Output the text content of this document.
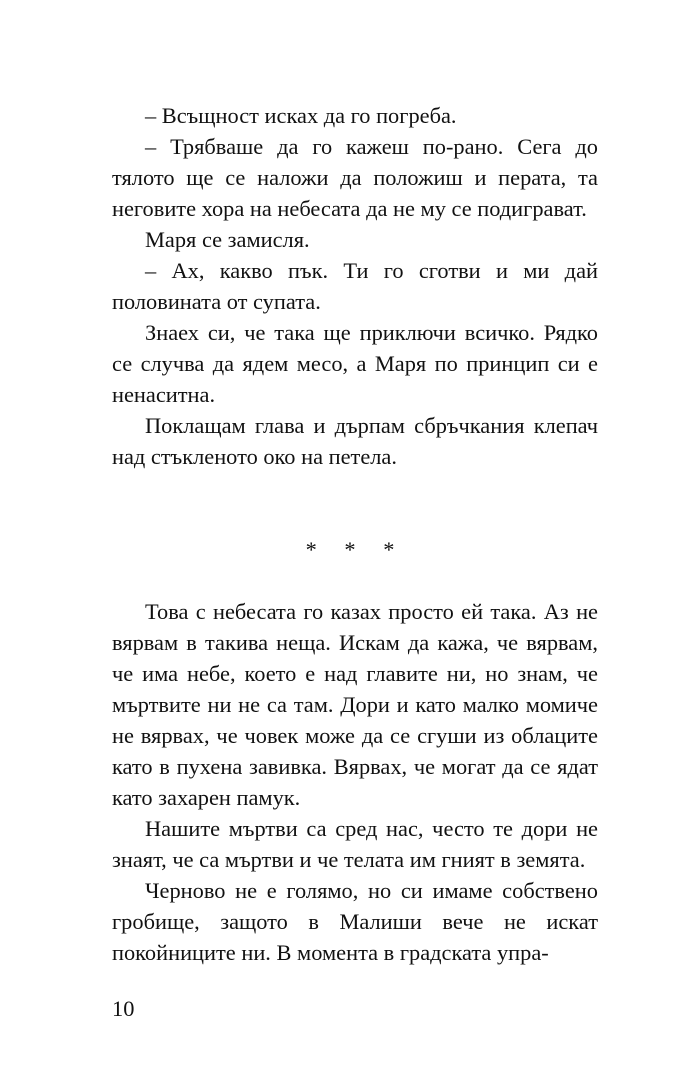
– Всъщност исках да го погреба.

– Трябваше да го кажеш по-рано. Сега до тялото ще се наложи да положиш и перата, та неговите хора на небесата да не му се подиграват.

Маря се замисля.

– Ах, какво пък. Ти го сготви и ми дай половината от супата.

Знаех си, че така ще приключи всичко. Рядко се случва да ядем месо, а Маря по принцип си е ненаситна.

Поклащам глава и дърпам сбръчкания клепач над стъкленото око на петела.

* * *

Това с небесата го казах просто ей така. Аз не вярвам в такива неща. Искам да кажа, че вярвам, че има небе, което е над главите ни, но знам, че мъртвите ни не са там. Дори и като малко момиче не вярвах, че човек може да се сгуши из облаците като в пухена завивка. Вярвах, че могат да се ядат като захарен памук.

Нашите мъртви са сред нас, често те дори не знаят, че са мъртви и че телата им гният в земята.

Черново не е голямо, но си имаме собствено гробище, защото в Малиши вече не искат покойниците ни. В момента в градската упра-

10
